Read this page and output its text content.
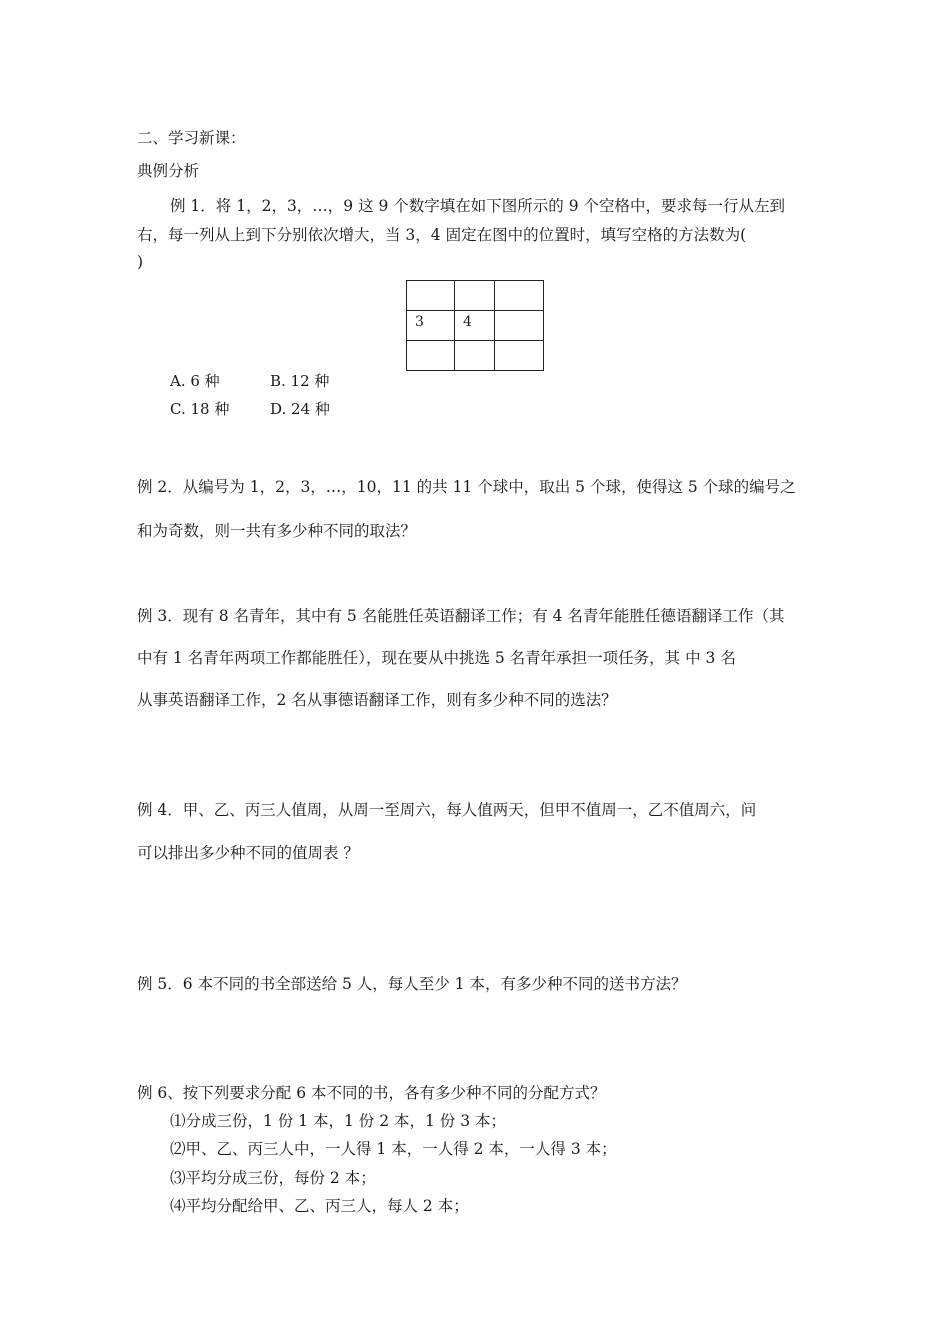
二、学习新课：
典例分析
例 1．将 1，2，3，…，9 这 9 个数字填在如下图所示的 9 个空格中，要求每一行从左到
右，每一列从上到下分别依次增大，当 3，4 固定在图中的位置时，填写空格的方法数为(
)

3	4	

A. 6 种	B. 12 种
C. 18 种	D. 24 种
例 2．从编号为 1，2，3，…，10，11 的共 11 个球中，取出 5 个球，使得这 5 个球的编号之
和为奇数，则一共有多少种不同的取法？
例 3．现有 8 名青年，其中有 5 名能胜任英语翻译工作；有 4 名青年能胜任德语翻译工作（其
中有 1 名青年两项工作都能胜任），现在要从中挑选 5 名青年承担一项任务，其 中 3 名
从事英语翻译工作，2 名从事德语翻译工作，则有多少种不同的选法？
例 4．甲、乙、丙三人值周，从周一至周六，每人值两天，但甲不值周一，乙不值周六，问
可以排出多少种不同的值周表 ？
例 5．6 本不同的书全部送给 5 人，每人至少 1 本，有多少种不同的送书方法？
例 6、按下列要求分配 6 本不同的书，各有多少种不同的分配方式？
⑴分成三份，1 份 1 本，1 份 2 本，1 份 3 本；
⑵甲、乙、丙三人中，一人得 1 本，一人得 2 本，一人得 3 本；
⑶平均分成三份，每份 2 本；
⑷平均分配给甲、乙、丙三人，每人 2 本；
